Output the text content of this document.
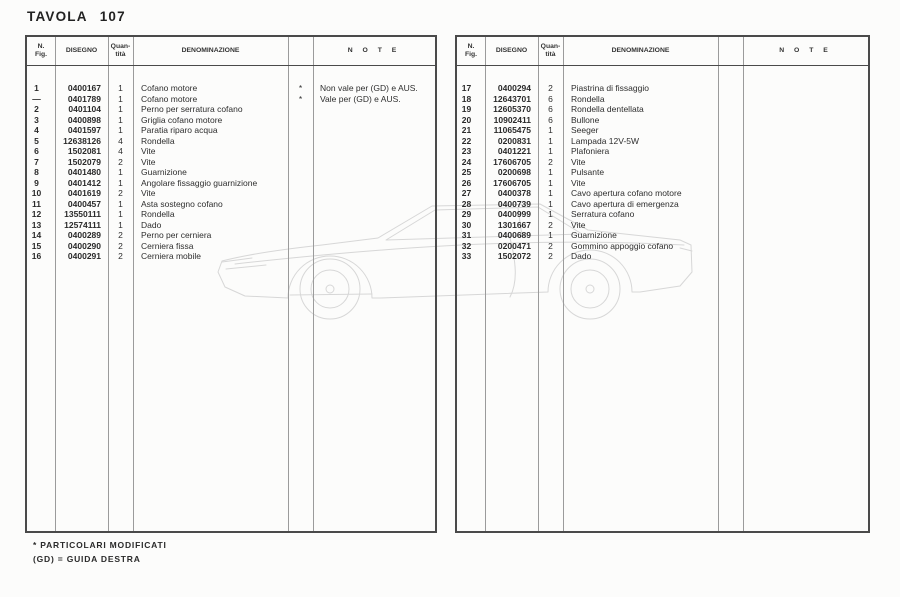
TAVOLA 107
N.
Fig.
DISEGNO
Quan-
tità
DENOMINAZIONE	N O T E
1	0400167	1	Cofano motore	*	Non vale per (GD) e AUS.
—	0401789	1	Cofano motore	*	Vale per (GD) e AUS.
2	0401104	1	Perno per serratura cofano
3	0400898	1	Griglia cofano motore
4	0401597	1	Paratia riparo acqua
5	12638126	4	Rondella
6	1502081	4	Vite
7	1502079	2	Vite
8	0401480	1	Guarnizione
9	0401412	1	Angolare fissaggio guarnizione
10	0401619	2	Vite
11	0400457	1	Asta sostegno cofano
12	13550111	1	Rondella
13	12574111	1	Dado
14	0400289	2	Perno per cerniera
15	0400290	2	Cerniera fissa
16	0400291	2	Cerniera mobile
N.
Fig.
DISEGNO
Quan-
tità
DENOMINAZIONE	N O T E
17	0400294	2	Piastrina di fissaggio
18	12643701	6	Rondella
19	12605370	6	Rondella dentellata
20	10902411	6	Bullone
21	11065475	1	Seeger
22	0200831	1	Lampada 12V-5W
23	0401221	1	Plafoniera
24	17606705	2	Vite
25	0200698	1	Pulsante
26	17606705	1	Vite
27	0400378	1	Cavo apertura cofano motore
28	0400739	1	Cavo apertura di emergenza
29	0400999	1	Serratura cofano
30	1301667	2	Vite
31	0400689	1	Guarnizione
32	0200471	2	Gommino appoggio cofano
33	1502072	2	Dado
* PARTICOLARI MODIFICATI
(GD) = GUIDA DESTRA
